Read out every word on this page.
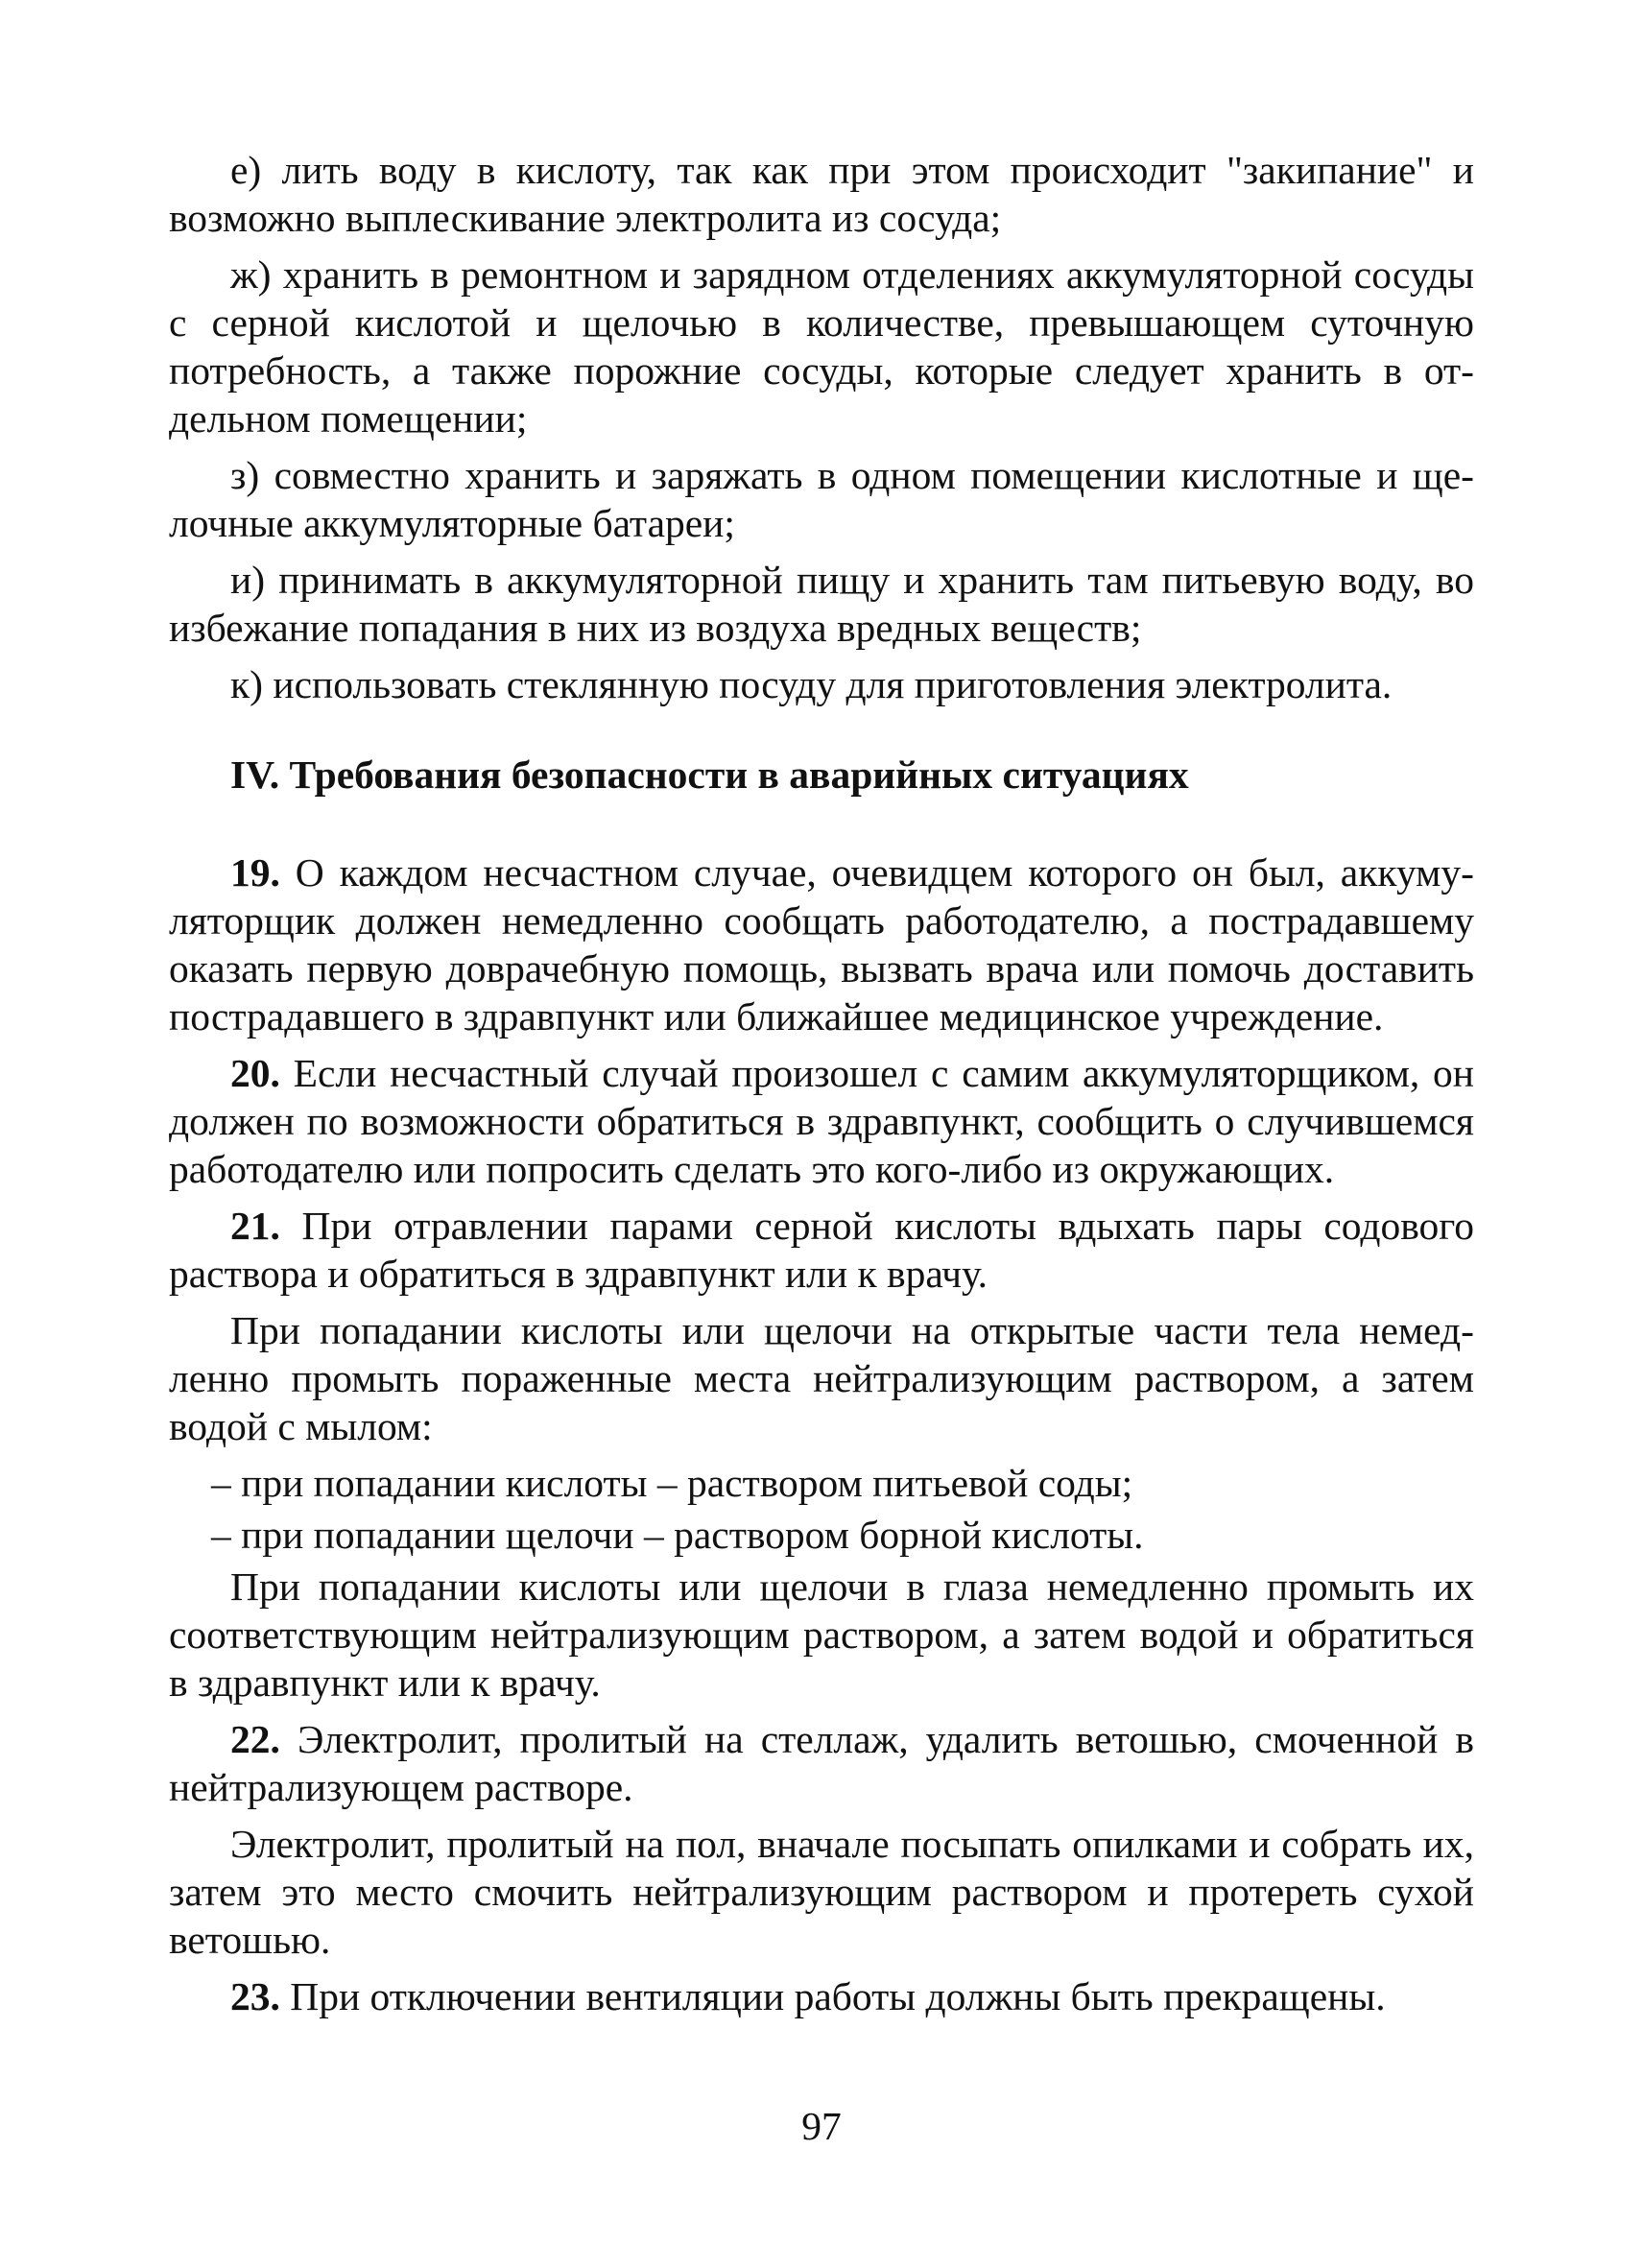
е) лить воду в кислоту, так как при этом происходит "закипание" и возможно выплескивание электролита из сосуда;

ж) хранить в ремонтном и зарядном отделениях аккумуляторной сосуды с серной кислотой и щелочью в количестве, превышающем суточную потребность, а также порожние сосуды, которые следует хранить в отдельном помещении;

з) совместно хранить и заряжать в одном помещении кислотные и щелочные аккумуляторные батареи;

и) принимать в аккумуляторной пищу и хранить там питьевую воду, во избежание попадания в них из воздуха вредных веществ;

к) использовать стеклянную посуду для приготовления электролита.

IV. Требования безопасности в аварийных ситуациях

19. О каждом несчастном случае, очевидцем которого он был, аккумуляторщик должен немедленно сообщать работодателю, а пострадавшему оказать первую доврачебную помощь, вызвать врача или помочь доставить пострадавшего в здравпункт или ближайшее медицинское учреждение.

20. Если несчастный случай произошел с самим аккумуляторщиком, он должен по возможности обратиться в здравпункт, сообщить о случившемся работодателю или попросить сделать это кого-либо из окружающих.

21. При отравлении парами серной кислоты вдыхать пары содового раствора и обратиться в здравпункт или к врачу.

При попадании кислоты или щелочи на открытые части тела немедленно промыть пораженные места нейтрализующим раствором, а затем водой с мылом:

– при попадании кислоты – раствором питьевой соды;

– при попадании щелочи – раствором борной кислоты.

При попадании кислоты или щелочи в глаза немедленно промыть их соответствующим нейтрализующим раствором, а затем водой и обратиться в здравпункт или к врачу.

22. Электролит, пролитый на стеллаж, удалить ветошью, смоченной в нейтрализующем растворе.

Электролит, пролитый на пол, вначале посыпать опилками и собрать их, затем это место смочить нейтрализующим раствором и протереть сухой ветошью.

23. При отключении вентиляции работы должны быть прекращены.

97
